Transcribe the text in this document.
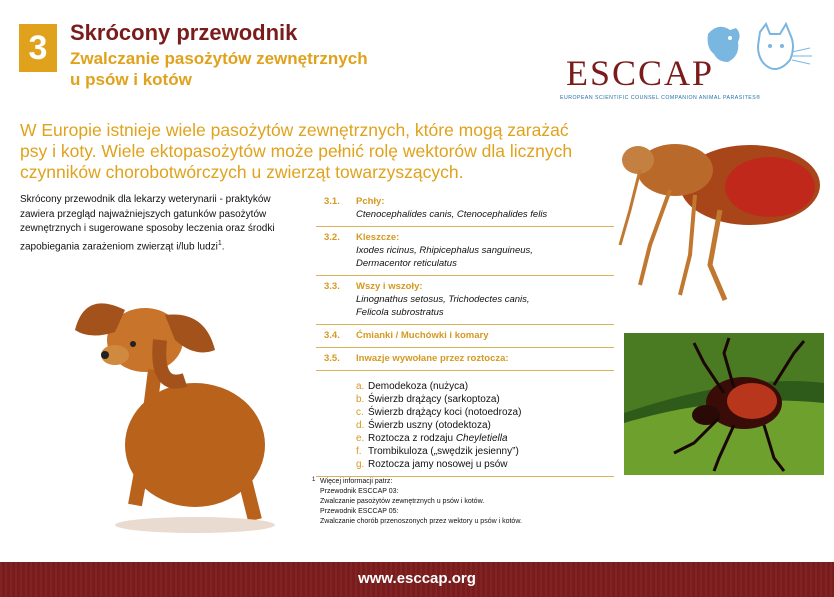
3	Skrócony przewodnik
Zwalczanie pasożytów zewnętrznych
u psów i kotów	ESCCAP
EUROPEAN SCIENTIFIC COUNSEL COMPANION ANIMAL PARASITES®
W Europie istnieje wiele pasożytów zewnętrznych, które mogą zarażać psy i koty. Wiele ektopasożytów może pełnić rolę wektorów dla licznych czynników chorobotwórczych u zwierząt towarzyszących.
Skrócony przewodnik dla lekarzy weterynarii - praktyków zawiera przegląd najważniejszych gatunków pasożytów zewnętrznych i sugerowane sposoby leczenia oraz środki zapobiegania zarażeniom zwierząt i/lub ludzi$^1$.
3.1.	Pchły:
Ctenocephalides canis, Ctenocephalides felis
3.2.	Kleszcze:
Ixodes ricinus, Rhipicephalus sanguineus,
Dermacentor reticulatus
3.3.	Wszy i wszoły:
Linognathus setosus, Trichodectes canis,
Felicola subrostratus
3.4.	Ćmianki / Muchówki i komary
3.5.	Inwazje wywołane przez roztocza:
a. Demodekoza (nużyca)
b. Świerzb drążący (sarkoptoza)
c. Świerzb drążący koci (notoedroza)
d. Świerzb uszny (otodektoza)
e. Roztocza z rodzaju Cheyletiella
f. Trombikuloza („swędzik jesienny”)
g. Roztocza jamy nosowej u psów
1 Więcej informacji patrz:
Przewodnik ESCCAP 03:
Zwalczanie pasożytów zewnętrznych u psów i kotów.
Przewodnik ESCCAP 05:
Zwalczanie chorób przenoszonych przez wektory u psów i kotów.
www.esccap.org
